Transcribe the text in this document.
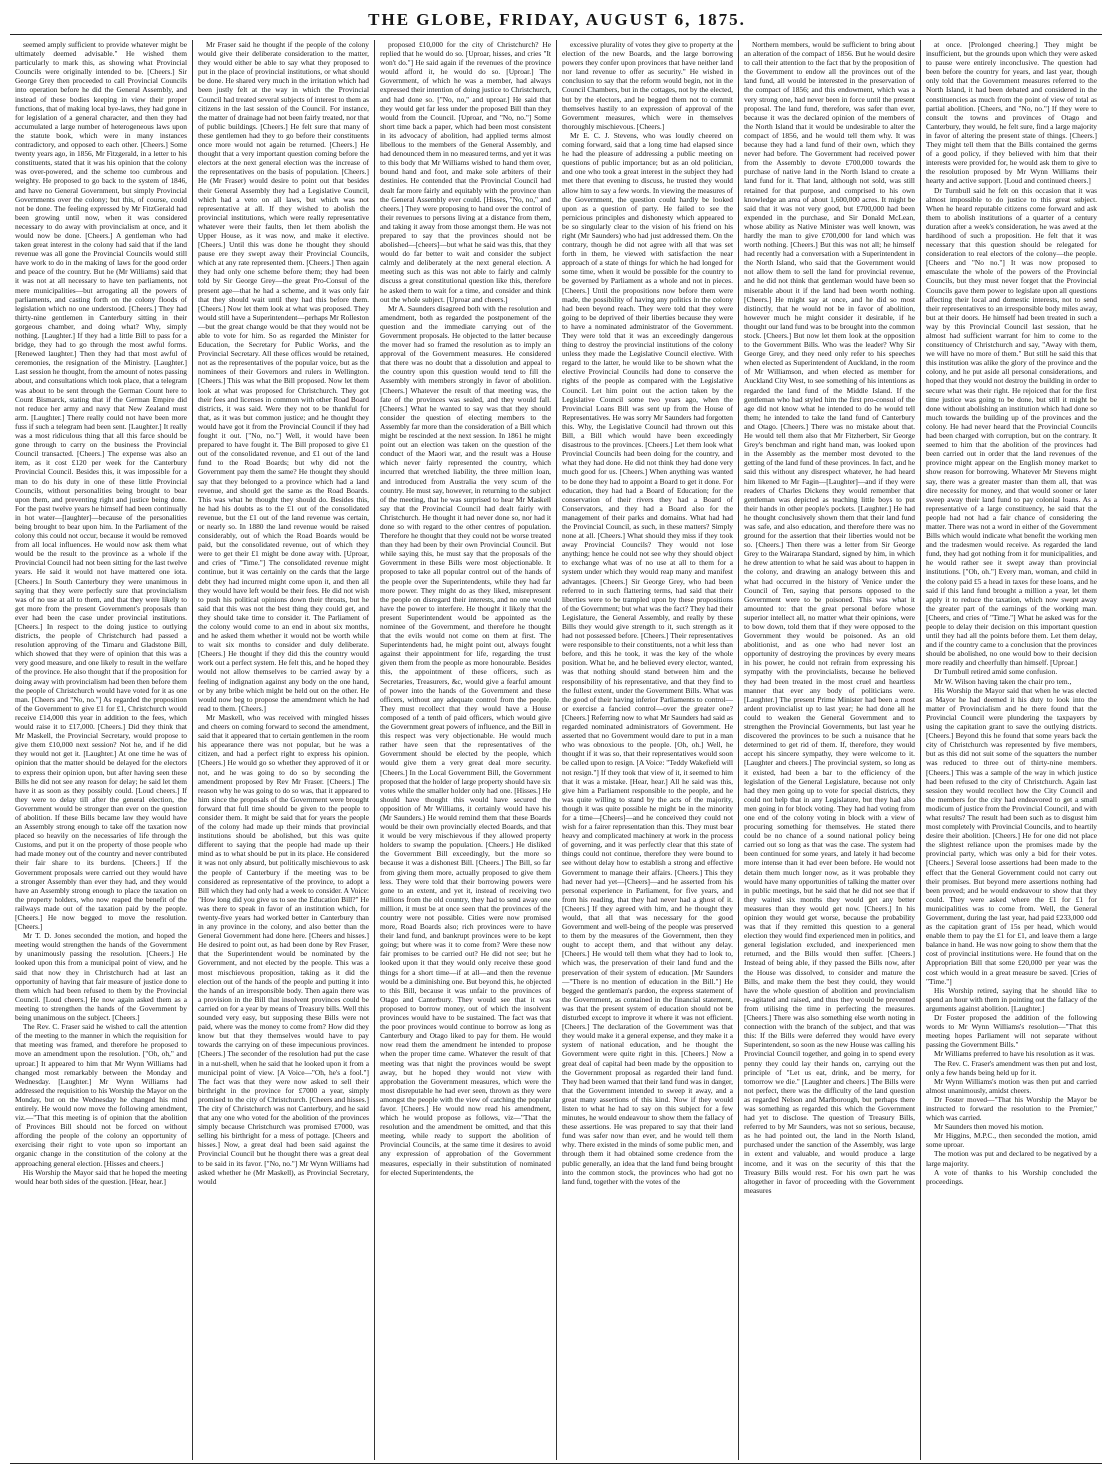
THE GLOBE, FRIDAY, AUGUST 6, 1875.

seemed amply sufficient to provide whatever might be ultimately deemed advisable." He wished them particularly to mark this, as showing what Provincial Councils were originally intended to be. [Cheers.] Sir George Grey then proceeded to call Provincial Councils into operation before he did the General Assembly, and instead of these bodies keeping in view their proper functions, that of making local bye-laws, they had gone in for legislation of a general character, and then they had accumulated a large number of heterogeneous laws upon the statute book, which were in many instances contradictory, and opposed to each other. [Cheers.] Some twenty years ago, in 1856, Mr Fitzgerald, in a letter to his constituents, stated that it was his opinion that the colony was over-powered, and the scheme too cumbrous and weighty. He proposed to go back to the system of 1846, and have no General Government, but simply Provincial Governments over the colony; but this, of course, could not be done. The feeling expressed by Mr FitzGerald had been growing until now, when it was considered necessary to do away with provincialism at once, and it would now be done. [Cheers.] A gentleman who had taken great interest in the colony had said that if the land revenue was all gone the Provincial Councils would still have work to do in the making of laws for the good order and peace of the country. But he (Mr Williams) said that it was not at all necessary to have ten parliaments, not mere municipalities—but arrogating all the powers of parliaments, and casting forth on the colony floods of legislation which no one understood. [Cheers.] They had thirty-nine gentlemen in Canterbury sitting in their gorgeous chamber, and doing what? Why, simply nothing. [Laughter.] If they had a little Bill to pass for a bridge, they had to go through the most awful forms. [Renewed laughter.] Then they had that most awful of ceremonies, the resignation of the Ministry. [Laughter.] Last session he thought, from the amount of notes passing about, and consultations which took place, that a telegram was about to be sent through the German Count here to Count Bismarck, stating that if the German Empire did not reduce her army and navy that New Zealand must arm. [Laughter.] There really could not have been more fuss if such a telegram had been sent. [Laughter.] It really was a most ridiculous thing that all this farce should be gone through to carry on the business the Provincial Council transacted. [Cheers.] The expense was also an item, as it cost £120 per week for the Canterbury Provincial Council. Besides this, it was impossible for a man to do his duty in one of these little Provincial Councils, without personalities being brought to bear upon them, and preventing right and justice being done. For the past twelve years he himself had been continually in hot water—[laughter]—because of the personalities being brought to bear upon him. In the Parliament of the colony this could not occur, because it would be removed from all local influences. He would now ask them what would be the result to the province as a whole if the Provincial Council had not been sitting for the last twelve years. He said it would not have mattered one iota. [Cheers.] In South Canterbury they were unanimous in saying that they were perfectly sure that provincialism was of no use at all to them, and that they were likely to get more from the present Government's proposals than ever had been the case under provincial institutions. [Cheers.] In respect to the doing justice to outlying districts, the people of Christchurch had passed a resolution approving of the Timaru and Gladstone Bill, which showed that they were of opinion that this was a very good measure, and one likely to result in the welfare of the province. He also thought that if the proposition for doing away with provincialism had been then before them the people of Christchurch would have voted for it as one man. [Cheers and "No, no."] As regarded the proposition of the Government to give £1 for £1, Christchurch would receive £14,000 this year in addition to the fees, which would raise it to £17,000. [Cheers.] Did they think that Mr Maskell, the Provincial Secretary, would propose to give them £10,000 next session? Not he, and if he did they would not get it. [Laughter.] At one time he was of opinion that the matter should be delayed for the electors to express their opinion upon, but after having seen these Bills he did not see any reason for delay; he said let them have it as soon as they possibly could. [Loud cheers.] If they were to delay till after the general election, the Government would be stronger than ever on the question of abolition. If these Bills became law they would have an Assembly strong enough to take off the taxation now placed so heavily on the necessaries of life through the Customs, and put it on the property of those people who had made money out of the country and never contributed their fair share to its burdens. [Cheers.] If the Government proposals were carried out they would have a stronger Assembly than ever they had, and they would have an Assembly strong enough to place the taxation on the property holders, who now reaped the benefit of the railways made out of the taxation paid by the people. [Cheers.] He now begged to move the resolution. [Cheers.]

Mr T. D. Jones seconded the motion, and hoped the meeting would strengthen the hands of the Government by unanimously passing the resolution. [Cheers.] He looked upon this from a municipal point of view, and he said that now they in Christchurch had at last an opportunity of having that fair measure of justice done to them which had been refused to them by the Provincial Council. [Loud cheers.] He now again asked them as a meeting to strengthen the hands of the Government by being unanimous on the subject. [Cheers.]

The Rev. C. Fraser said he wished to call the attention of the meeting to the manner in which the requisition for that meeting was framed, and therefore he proposed to move an amendment upon the resolution. ["Oh, oh," and uproar.] It appeared to him that Mr Wynn Williams had changed most remarkably between the Monday and Wednesday. [Laughter.] Mr Wynn Williams had addressed the requisition to his Worship the Mayor on the Monday, but on the Wednesday he changed his mind entirely. He would now move the following amendment, viz.—"That this meeting is of opinion that the abolition of Provinces Bill should not be forced on without affording the people of the colony an opportunity of exercising their right to vote upon so important an organic change in the constitution of the colony at the approaching general election. [Hisses and cheers.]

His Worship the Mayor said that he hoped the meeting would hear both sides of the question. [Hear, hear.]

Mr Fraser said he thought if the people of the colony would give their deliberate consideration to the matter, they would either be able to say what they proposed to put in the place of provincial institutions, or what should be done. He shared very much in the irritation which had been justly felt at the way in which the Provincial Council had treated several subjects of interest to them as citizens in the last session of the Council. For instance, the matter of drainage had not been fairly treated, nor that of public buildings. [Cheers.] He felt sure that many of these gentlemen had they to go before their constituents once more would not again be returned. [Cheers.] He thought that a very important question coming before the electors at the next general election was the increase of the representatives on the basis of population. [Cheers.] He (Mr Fraser) would desire to point out that besides their General Assembly they had a Legislative Council, which had a veto on all laws, but which was not representative at all. If they wished to abolish the provincial institutions, which were really representative whatever were their faults, then let them abolish the Upper House, as it was now, and make it elective. [Cheers.] Until this was done he thought they should pause ere they swept away their Provincial Councils, which at any rate represented them. [Cheers.] Then again they had only one scheme before them; they had been told by Sir George Grey—the great Pro-Consul of the present age—that he had a scheme, and it was only fair that they should wait until they had this before them. [Cheers.] Now let them look at what was proposed. They would still have a Superintendent—perhaps Mr Rolleston—but the great change would be that they would not be able to vote for him. So as regarded the Minister for Education, the Secretary for Public Works, and the Provincial Secretary. All these offices would be retained, not as the representatives of the popular voice, but as the nominees of their Governors and rulers in Wellington. [Cheers.] This was what the Bill proposed. Now let them look at what was proposed for Christchurch. They got their fees and licenses in common with other Road Board districts, it was said. Were they not to be thankful for that, as it was but common justice; and he thought they would have got it from the Provincial Council if they had fought it out. ["No, no."] Well, it would have been prepared to have fought it. The Bill proposed to give £1 out of the consolidated revenue, and £1 out of the land fund to the Road Boards; but why did not the Government pay them the same? He thought they should say that they belonged to a province which had a land revenue, and should get the same as the Road Boards. This was what he thought they should do. Besides this, he had his doubts as to the £1 out of the consolidated revenue, but the £1 out of the land revenue was certain, or nearly so. In 1880 the land revenue would be raised considerably, out of which the Road Boards would be paid, but the consolidated revenue, out of which they were to get their £1 might be done away with. [Uproar, and cries of "Time."] The consolidated revenue might continue, but it was certainly on the cards that the large debt they had incurred might come upon it, and then all they would have left would be their fees. He did not wish to push his political opinions down their throats, but he said that this was not the best thing they could get, and they should take time to consider it. The Parliament of the colony would come to an end in about six months, and he asked them whether it would not be worth while to wait six months to consider and duly deliberate. [Cheers.] He thought if they did this the country would work out a perfect system. He felt this, and he hoped they would not allow themselves to be carried away by a feeling of indignation against any body on the one hand, or by any bribe which might be held out on the other. He would now beg to propose the amendment which he had read to them. [Cheers.]

Mr Maskell, who was received with mingled hisses and cheers on coming forward to second the amendment, said that it appeared that to certain gentlemen in the room his appearance there was not popular, but he was a citizen, and had a perfect right to express his opinion. [Cheers.] He would go so whether they approved of it or not, and he was going to do so by seconding the amendment proposed by Rev Mr Fraser. [Cheers.] The reason why he was going to do so was, that it appeared to him since the proposals of the Government were brought forward that full time should be given to the people to consider them. It might be said that for years the people of the colony had made up their minds that provincial institutions should be abolished, but this was quite different to saying that the people had made up their mind as to what should be put in its place. He considered it was not only absurd, but politically mischievous to ask the people of Canterbury if the meeting was to be considered as representative of the province, to adopt a Bill which they had only had a week to consider. A Voice: "How long did you give us to see the Education Bill?" He was there to speak in favor of an institution which, for twenty-five years had worked better in Canterbury than in any province in the colony, and also better than the General Government had done here. [Cheers and hisses.] He desired to point out, as had been done by Rev Fraser, that the Superintendent would be nominated by the Government, and not elected by the people. This was a most mischievous proposition, taking as it did the election out of the hands of the people and putting it into the hands of an irresponsible body. Then again there was a provision in the Bill that insolvent provinces could be carried on for a year by means of Treasury bills. Well this sounded very easy, but supposing these Bills were not paid, where was the money to come from? How did they know but that they themselves would have to pay towards the carrying on of these impecunious provinces. [Cheers.] The seconder of the resolution had put the case in a nut-shell, when he said that he looked upon it from a municipal point of view. [A Voice—"Oh, he's a fool."] The fact was that they were now asked to sell their birthright in the province for £7000 a year, simply promised to the city of Christchurch. [Cheers and hisses.] The city of Christchurch was not Canterbury, and he said that any one who voted for the abolition of the provinces simply because Christchurch was promised £7000, was selling his birthright for a mess of pottage. [Cheers and hisses.] Now, a great deal had been said against the Provincial Council but he thought there was a great deal to be said in its favor. ["No, no."] Mr Wynn Williams had asked whether he (Mr Maskell), as Provincial Secretary, would

proposed £10,000 for the city of Christchurch? He replied that he would do so. [Uproar, hisses, and cries "It won't do."] He said again if the revenues of the province would afford it, he would do so. [Uproar.] The Government, of which he was a member, had always expressed their intention of doing justice to Christchurch, and had done so. ["No, no," and uproar.] He said that they would get far less under the proposed Bill than they would from the Council. [Uproar, and "No, no."] Some short time back a paper, which had been most consistent in its advocacy of abolition, had applied terms almost libellous to the members of the General Assembly, and had denounced them in no measured terms, and yet it was to this body that Mr Williams wished to hand them over, bound hand and foot, and make sole arbiters of their destinies. He contended that the Provincial Council had dealt far more fairly and equitably with the province than the General Assembly ever could. [Hisses, "No, no," and cheers.] They were proposing to hand over the control of their revenues to persons living at a distance from them, and taking it away from those amongst them. He was not prepared to say that the provinces should not be abolished—[cheers]—but what he said was this, that they would do far better to wait and consider the subject calmly and deliberately at the next general election. A meeting such as this was not able to fairly and calmly discuss a great constitutional question like this, therefore he asked them to wait for a time, and consider and think out the whole subject. [Uproar and cheers.]

Mr A. Saunders disagreed both with the resolution and amendment, both as regarded the postponement of the question and the immediate carrying out of the Government proposals. He objected to the latter because the mover had so framed the resolution as to imply an approval of the Government measures. He considered that there was no doubt that a dissolution and appeal to the country upon this question would tend to fill the Assembly with members strongly in favor of abolition. [Cheers.] Whatever the result of that meeting was, the fate of the provinces was sealed, and they would fall. [Cheers.] What he wanted to say was that they should consider the question of electing members to the Assembly far more than the consideration of a Bill which might be rescinded at the next session. In 1861 he might point out an election was taken on the question of the conduct of the Maori war, and the result was a House which never fairly represented the country, which incurred that wretched liability, the three million loan, and introduced from Australia the very scum of the country. He must say, however, in returning to the subject of the meeting, that he was surprised to hear Mr Maskell say that the Provincial Council had dealt fairly with Christchurch. He thought it had never done so, nor had it done so with regard to the other centres of population. Therefore he thought that they could not be worse treated than they had been by their own Provincial Council. But while saying this, he must say that the proposals of the Government in these Bills were most objectionable. It proposed to take all popular control out of the hands of the people over the Superintendents, while they had far more power. They might do as they liked, misrepresent the people on disregard their interests, and no one would have the power to interfere. He thought it likely that the present Superintendent would be appointed as the nominee of the Government, and therefore he thought that the evils would not come on them at first. The Superintendents had, he might point out, always fought against their appointment for life, regarding the trust given them from the people as more honourable. Besides this, the appointment of these officers, such as Secretaries, Treasurers, &c, would give a fearful amount of power into the hands of the Government and these officers, without any adequate control from the people. They must recollect that they would have a House composed of a tenth of paid officers, which would give the Government great powers of influence, and the Bill in this respect was very objectionable. He would much rather have seen that the representatives of the Government should be elected by the people, which would give them a very great deal more security. [Cheers.] In the Local Government Bill, the Government proposed that the holder of large property should have six votes while the smaller holder only had one. [Hisses.] He should have thought this would have secured the opposition of Mr Williams, it certainly would have his (Mr Saunders.) He would remind them that these Boards would be their own provincially elected Boards, and that it would be very mischievous if they allowed property holders to swamp the population. [Cheers.] He disliked the Government Bill exceedingly, but the more so because it was a dishonest Bill. [Cheers.] The Bill, so far from giving them more, actually proposed to give them less. They were told that their borrowing powers were gone to an extent, and yet it, instead of receiving two millions from the old country, they had to send away one million, it must be at once seen that the provinces of the country were not possible. Cities were now promised more, Road Boards also; rich provinces were to have their land fund, and bankrupt provinces were to be kept going; but where was it to come from? Were these now fair promises to be carried out? He did not see; but he looked upon it that they would only receive these good things for a short time—if at all—and then the revenue would be a diminishing one. But beyond this, he objected to this Bill, because it was unfair to the provinces of Otago and Canterbury. They would see that it was proposed to borrow money, out of which the insolvent provinces would have to be sustained. The fact was that the poor provinces would continue to borrow as long as Canterbury and Otago liked to pay for them. He would now read them the amendment he intended to propose when the proper time came. Whatever the result of that meeting was that night the provinces would be swept away, but he hoped they would not view with approbation the Government measures, which were the most disreputable he had ever seen, thrown as they were amongst the people with the view of catching the popular favor. [Cheers.] He would now read his amendment, which he would propose as follows, viz—"That the resolution and the amendment be omitted, and that this meeting, while ready to support the abolition of Provincial Councils, at the same time it desires to avoid any expression of approbation of the Government measures, especially in their substitution of nominated for elected Superintendents, the

excessive plurality of votes they give to property at the election of the new Boards, and the large borrowing powers they confer upon provinces that have neither land nor land revenue to offer as security." He wished in conclusion to say that the reform would begin, not in the Council Chambers, but in the cottages, not by the elected, but by the electors, and he begged them not to commit themselves hastily to an expression of approval of the Government measures, which were in themselves thoroughly mischievous. [Cheers.]

Mr E. C. J. Stevens, who was loudly cheered on coming forward, said that a long time had elapsed since he had the pleasure of addressing a public meeting on questions of public importance; but as an old politician, and one who took a great interest in the subject they had met there that evening to discuss, he trusted they would allow him to say a few words. In viewing the measures of the Government, the question could hardly be looked upon as a question of party. He failed to see the pernicious principles and dishonesty which appeared to be so singularly clear to the vision of his friend on his right (Mr Saunders) who had just addressed them. On the contrary, though he did not agree with all that was set forth in them, he viewed with satisfaction the near approach of a state of things for which he had longed for some time, when it would be possible for the country to be governed by Parliament as a whole and not in pieces. [Cheers.] Until the propositions now before them were made, the possibility of having any politics in the colony had been beyond reach. They were told that they were going to be deprived of their liberties because they were to have a nominated administrator of the Government. They were told that it was an exceedingly dangerous thing to destroy the provincial institutions of the colony unless they made the Legislative Council elective. With regard to the latter, he would like to be shown what the elective Provincial Councils had done to conserve the rights of the people as compared with the Legislative Council. Let him point out the action taken by the Legislative Council some two years ago, when the Provincial Loans Bill was sent up from the House of Representatives. He was sorry Mr Saunders had forgotten this. Why, the Legislative Council had thrown out this Bill, a Bill which would have been exceedingly disastrous to the provinces. [Cheers.] Let them look what Provincial Councils had been doing for the country, and what they had done. He did not think they had done very much good for us. [Cheers.] When anything was wanted to be done they had to appoint a Board to get it done. For education, they had had a Board of Education; for the conservation of their rivers they had a Board of Conservators, and they had a Board also for the management of their parks and domains. What had had the Provincial Council, as such, in these matters? Simply none at all. [Cheers.] What should they miss if they took away Provincial Councils? They would not lose anything; hence he could not see why they should object to exchange what was of no use at all to them for a system under which they would reap many and manifest advantages. [Cheers.] Sir George Grey, who had been referred to in such flattering terms, had said that their liberties were to be trampled upon by these propositions of the Government; but what was the fact? They had their Legislature, the General Assembly, and really by these Bills they would give strength to it, such strength as it had not possessed before. [Cheers.] Their representatives were responsible to their constituents, not a whit less than before, and this he took, it was the key of the whole position. What he, and he believed every elector, wanted, was that nothing should stand between him and the responsibility of his representative, and that they find to the fullest extent, under the Government Bills. What was the good of their having inferior Parliaments to control—or exercise a fancied control—over the greater one? [Cheers.] Referring now to what Mr Saunders had said as regarded nominated administrators of Government. He asserted that no Government would dare to put in a man who was obnoxious to the people. [Oh, oh.] Well, he thought if it was so, that their representatives would soon be called upon to resign. [A Voice: "Teddy Wakefield will not resign."] If they took that view of it, it seemed to him that it was a mistake. [Hear, hear.] All he said was this, give him a Parliament responsible to the people, and he was quite willing to stand by the acts of the majority, though it was quite possible he might be in the minority for a time—[Cheers]—and he conceived they could not wish for a fairer representation than this. They must bear heavy and complicated machinery at work in the process of governing, and it was perfectly clear that this state of things could not continue, therefore they were bound to see without delay how to establish a strong and effective Government to manage their affairs. [Cheers.] This they had never had yet—[Cheers]—and he asserted from his personal experience in Parliament, for five years, and from his reading, that they had never had a ghost of it. [Cheers.] If they agreed with him, and he thought they would, that all that was necessary for the good Government and well-being of the people was preserved to them by the measures of the Government, then they ought to accept them, and that without any delay. [Cheers.] He would tell them what they had to look to, which was, the preservation of their land fund and the preservation of their system of education. [Mr Saunders—"There is no mention of education in the Bill."] He begged the gentleman's pardon, the express statement of the Government, as contained in the financial statement, was that the present system of education should not be disturbed except to improve it where it was not efficient. [Cheers.] The declaration of the Government was that they would make it a general expense, and they make it a system of national education, and he thought the Government were quite right in this. [Cheers.] Now a great deal of capital had been made by the opposition to the Government proposal as regarded their land fund. They had been warned that their land fund was in danger, that the Government intended to sweep it away, and a great many assertions of this kind. Now if they would listen to what he had to say on this subject for a few minutes, he would endeavour to show them the fallacy of these assertions. He was prepared to say that their land fund was safer now than ever, and he would tell them why. There existed in the minds of some public men, and through them it had obtained some credence from the public generally, an idea that the land fund being brought into the common stock, the provinces who had got no land fund, together with the votes of the

Northern members, would be sufficient to bring about an alteration of the compact of 1856. But he would desire to call their attention to the fact that by the proposition of the Government to endow all the provinces out of the land fund, all would be interested in the preservation of the compact of 1856; and this endowment, which was a very strong one, had never been in force until the present proposal. The land fund, therefore, was safer than ever, because it was the declared opinion of the members of the North Island that it would be undesirable to alter the compact of 1856, and he would tell them why. It was because they had a land fund of their own, which they never had before. The Government had received power from the Assembly to devote £700,000 towards the purchase of native land in the North Island to create a land fund for it. That land, although not sold, was still retained for that purpose, and comprised to his own knowledge an area of about 1,600,000 acres. It might be said that it was not very good, but £700,000 had been expended in the purchase, and Sir Donald McLean, whose ability as Native Minister was well known, was hardly the man to give £700,000 for land which was worth nothing. [Cheers.] But this was not all; he himself had recently had a conversation with a Superintendent in the North Island, who said that the Government would not allow them to sell the land for provincial revenue, and he did not think that gentleman would have been so miserable about it if the land had been worth nothing. [Cheers.] He might say at once, and he did so most distinctly, that he would not be in favor of abolition, however much he might consider it desirable, if he thought our land fund was to be brought into the common stock. [Cheers.] But now let them look at the opposition to the Government Bills. Who was the leader? Why Sir George Grey, and they need only refer to his speeches when elected as Superintendent of Auckland, in the room of Mr Williamson, and when elected as member for Auckland City West, to see something of his intentions as regarded the land fund of the Middle Island. If the gentleman who had styled him the first pro-consul of the age did not know what he intended to do he would tell them; he intended to take the land fund of Canterbury and Otago. [Cheers.] There was no mistake about that. He would tell them also that Mr Fitzherbert, Sir George Grey's benchman and right hand man, was looked upon in the Assembly as the member most devoted to the getting of the land fund of these provinces. In fact, and he said this without any disrespect whatever, he had heard him likened to Mr Fagin—[Laughter]—and if they were readers of Charles Dickens they would remember that gentleman was depicted as teaching little boys to put their hands in other people's pockets. [Laughter.] He had he thought conclusively shown them that their land fund was safe, and also education, and therefore there was no ground for the assertion that their liberties would not be so. [Cheers.] Then there was a letter from Sir George Grey to the Wairarapa Standard, signed by him, in which he drew attention to what he said was about to happen in the colony, and drawing an analogy between this and what had occurred in the history of Venice under the Council of Ten, saying that persons opposed to the Government were to be poisoned. This was what it amounted to: that the great personal before whose superior intellect all, no matter what their opinions, were to bow down, told them that if they were opposed to the Government they would be poisoned. As an old abolitionist, and as one who had never lost an opportunity of destroying the provinces by every means in his power, he could not refrain from expressing his sympathy with the provincialists, because he believed they had been treated in the most cruel and heartless manner that ever any body of politicians were. [Laughter.] The present Prime Minister had been a most ardent provincialist up to last year; he had done all he could to weaken the General Government and to strengthen the Provincial Governments, but last year he discovered the provinces to be such a nuisance that he determined to get rid of them. If, therefore, they would accept his sincere sympathy, they were welcome to it. [Laughter and cheers.] The provincial system, so long as it existed, had been a bar to the efficiency of the legislation of the General Legislature, because not only had they men going up to vote for special districts, they could not help that in any Legislature, but they had also men going in for block voting. They had had voting from one end of the colony voting in block with a view of procuring something for themselves. He stated there could be no chance of a sound national policy being carried out so long as that was the case. The system had been continued for some years, and lately it had become more intense than it had ever been before. He would not detain them much longer now, as it was probable they would have many opportunities of talking the matter over in public meetings, but he said that he did not see that if they waited six months they would get any better measures than they would get now. [Cheers.] In his opinion they would get worse, because the probability was that if they remitted this question to a general election they would find experienced men in politics, and general legislation excluded, and inexperienced men returned, and the Bills would then suffer. [Cheers.] Instead of being able, if they passed the Bills now, after the House was dissolved, to consider and mature the Bills, and make them the best they could, they would have the whole question of abolition and provincialism re-agitated and raised, and thus they would be prevented from utilising the time in perfecting the measures. [Cheers.] There was also something else worth noting in connection with the branch of the subject, and that was this: If the Bills were deferred they would have every Superintendent, so soon as the new House was calling his Provincial Council together, and going in to spend every penny they could lay their hands on, carrying out the principle of "Let us eat, drink, and be merry, for tomorrow we die." [Laughter and cheers.] The Bills were not perfect, there was the difficulty of the land question as regarded Nelson and Marlborough, but perhaps there was something as regarded this which the Government had yet to disclose. The question of Treasury Bills, referred to by Mr Saunders, was not so serious, because, as he had pointed out, the land in the North Island, purchased under the sanction of the Assembly, was large in extent and valuable, and would produce a large income, and it was on the security of this that the Treasury Bills would rest. For his own part he was altogether in favor of proceeding with the Government measures

at once. [Prolonged cheering.] They might be insufficient, but the grounds upon which they were asked to pause were entirely inconclusive. The question had been before the country for years, and last year, though only told that the Government measures referred to the North Island, it had been debated and considered in the constituencies as much from the point of view of total as partial abolition. [Cheers, and "No, no."] If they were to consult the towns and provinces of Otago and Canterbury, they would, he felt sure, find a large majority in favor of altering the present state of things. [Cheers.] They might tell them that the Bills contained the germs of a good policy, if they believed with him that their interests were provided for, he would ask them to give to the resolution proposed by Mr Wynn Williams their hearty and active support. [Loud and continued cheers.]

Dr Turnbull said he felt on this occasion that it was almost impossible to do justice to this great subject. When he heard reputable citizens come forward and ask them to abolish institutions of a quarter of a century duration after a week's consideration, he was awed at the hardihood of such a proposition. He felt that it was necessary that this question should be relegated for consideration to real electors of the colony—the people. [Cheers and "No no."] It was now proposed to emasculate the whole of the powers of the Provincial Councils, but they must never forget that the Provincial Councils gave them power to legislate upon all questions affecting their local and domestic interests, not to send their representatives to an irresponsible body miles away, but at their doors. He himself had been treated in such a way by this Provincial Council last session, that he almost had sufficient warrant for him to come to the constituency of Christchurch and say, "Away with them, we will have no more of them." But still he said this that this institution was alike the glory of the province and the colony, and he put aside all personal considerations, and hoped that they would not destroy the building in order to secure what was their right. He rejoiced that for the first time justice was going to be done, but still it might be done without abolishing an institution which had done so much towards the building up of the provinces and the colony. He had never heard that the Provincial Councils had been charged with corruption, but on the contrary. It seemed to him that the abolition of the provinces had been carried out in order that the land revenues of the province might appear on the English money market to show reason for borrowing. Whatever Mr Stevens might say, there was a greater master than them all, that was dire necessity for money, and that would sooner or later sweep away their land fund to pay colonial loans. As a representative of a large constituency, he said that the people had not had a fair chance of considering the matter. There was not a word in either of the Government Bills which would indicate what benefit the working men and the tradesmen would receive. As regarded the land fund, they had got nothing from it for municipalities, and he would rather see it swept away than provincial institutions. ["Oh, oh."] Every man, woman, and child in the colony paid £5 a head in taxes for these loans, and he said if this land fund brought a million a year, let them apply it to reduce the taxation, which now swept away the greater part of the earnings of the working man. [Cheers, and cries of "Time."] What he asked was for the people to delay their decision on this important question until they had all the points before them. Let them delay, and if the country came to a conclusion that the provinces should be abolished, no one would bow to their decision more readily and cheerfully than himself. [Uproar.]

Dr Turnbull retired amid some confusion.

Mr W. Wilson having taken the chair pro tem.,

His Worship the Mayor said that when he was elected as Mayor he had deemed it his duty to look into the matter of Provincialism and he there found that the Provincial Council were plundering the taxpayers by using the capitation grant to save the outlying districts. [Cheers.] Beyond this he found that some years back the city of Christchurch was represented by five members, but as this did not suit some of the squatters the number was reduced to three out of thirty-nine members. [Cheers.] This was a sample of the way in which justice had been refused to the city of Christchurch. Again last session they would recollect how the City Council and the members for the city had endeavored to get a small modicum of justice from the Provincial Council, and with what results? The result had been such as to disgust him most completely with Provincial Councils, and to heartily desire their abolition. [Cheers.] He for one did not place the slightest reliance upon the promises made by the provincial party, which was only a bid for their votes. [Cheers.] Several loose assertions had been made to the effect that the General Government could not carry out their promises. But beyond mere assertions nothing had been proved; and he would endeavour to show that they could. They were asked where the £1 for £1 for municipalities was to come from. Well, the General Government, during the last year, had paid £233,000 odd as the capitation grant of 15s per head, which would enable them to pay the £1 for £1, and leave them a large balance in hand. He was now going to show them that the cost of provincial institutions were. He found that on the Appropriation Bill that some £20,000 per year was the cost which would in a great measure be saved. [Cries of "Time."]

His Worship retired, saying that he should like to spend an hour with them in pointing out the fallacy of the arguments against abolition. [Laughter.]

Dr Foster proposed the addition of the following words to Mr Wynn Williams's resolution—"That this meeting hopes Parliament will not separate without passing the Government Bills."

Mr Williams preferred to have his resolution as it was.

The Rev. C. Fraser's amendment was then put and lost, only a few hands being held up for it.

Mr Wynn Williams's motion was then put and carried almost unanimously, amidst cheers.

Dr Foster moved—"That his Worship the Mayor be instructed to forward the resolution to the Premier," which was carried.

Mr Saunders then moved his motion.

Mr Higgins, M.P.C., then seconded the motion, amid some uproar.

The motion was put and declared to be negatived by a large majority.

A vote of thanks to his Worship concluded the proceedings.
